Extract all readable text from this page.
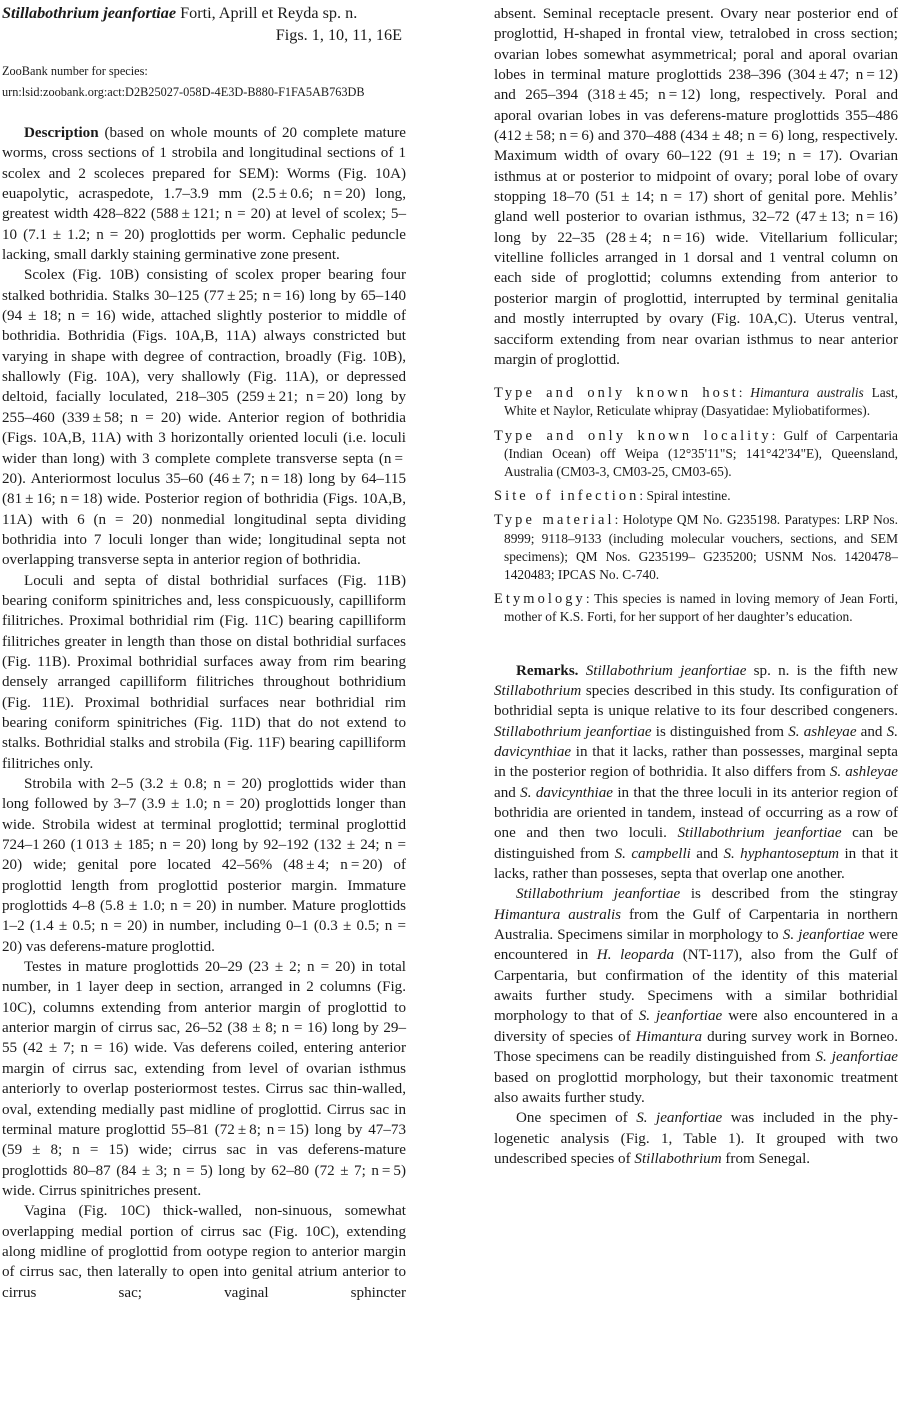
Stillabothrium jeanfortiae Forti, Aprill et Reyda sp. n.
Figs. 1, 10, 11, 16E
ZooBank number for species:
urn:lsid:zoobank.org:act:D2B25027-058D-4E3D-B880-F1FA5AB763DB

Description (based on whole mounts of 20 complete mature worms, cross sections of 1 strobila and longitudinal sections of 1 scolex and 2 scoleces prepared for SEM): Worms (Fig. 10A) euapolytic, acraspedote, 1.7–3.9 mm (2.5 ± 0.6; n = 20) long, greatest width 428–822 (588 ± 121; n = 20) at level of scolex; 5–10 (7.1 ± 1.2; n = 20) proglottids per worm. Cephalic peduncle lacking, small darkly staining germinative zone present.

Scolex (Fig. 10B) consisting of scolex proper bearing four stalked bothridia. Stalks 30–125 (77 ± 25; n = 16) long by 65–140 (94 ± 18; n = 16) wide, attached slightly posterior to middle of bothridia. Bothridia (Figs. 10A,B, 11A) always constricted but varying in shape with degree of contraction, broadly (Fig. 10B), shallowly (Fig. 10A), very shallowly (Fig. 11A), or depressed deltoid, facially loculated, 218–305 (259 ± 21; n = 20) long by 255–460 (339 ± 58; n = 20) wide. Anterior region of bothridia (Figs. 10A,B, 11A) with 3 horizontally oriented loculi (i.e. loculi wider than long) with 3 complete complete transverse septa (n = 20). Anteriormost loculus 35–60 (46 ± 7; n = 18) long by 64–115 (81 ± 16; n = 18) wide. Posterior region of bothridia (Figs. 10A,B, 11A) with 6 (n = 20) nonmedial longitudinal septa dividing bothridia into 7 loculi longer than wide; longitudinal septa not overlapping transverse septa in anterior region of bothridia.

Loculi and septa of distal bothridial surfaces (Fig. 11B) bearing coniform spinitriches and, less conspicuously, capilliform filitriches. Proximal bothridial rim (Fig. 11C) bearing capilliform filitriches greater in length than those on distal bothridial surfaces (Fig. 11B). Proximal bothridial surfaces away from rim bearing densely arranged capilliform filitriches throughout bothridium (Fig. 11E). Proximal bothridial surfaces near bothridial rim bearing coniform spinitriches (Fig. 11D) that do not extend to stalks. Bothridial stalks and strobila (Fig. 11F) bearing capilliform filitriches only.

Strobila with 2–5 (3.2 ± 0.8; n = 20) proglottids wider than long followed by 3–7 (3.9 ± 1.0; n = 20) proglottids longer than wide. Strobila widest at terminal proglottid; terminal proglottid 724–1 260 (1 013 ± 185; n = 20) long by 92–192 (132 ± 24; n = 20) wide; genital pore located 42–56% (48 ± 4; n = 20) of proglottid length from proglottid posterior margin. Immature proglottids 4–8 (5.8 ± 1.0; n = 20) in number. Mature proglottids 1–2 (1.4 ± 0.5; n = 20) in number, including 0–1 (0.3 ± 0.5; n = 20) vas deferens-mature proglottid.

Testes in mature proglottids 20–29 (23 ± 2; n = 20) in total number, in 1 layer deep in section, arranged in 2 columns (Fig. 10C), columns extending from anterior margin of proglottid to anterior margin of cirrus sac, 26–52 (38 ± 8; n = 16) long by 29–55 (42 ± 7; n = 16) wide. Vas deferens coiled, entering anterior margin of cirrus sac, extending from level of ovarian isthmus anteriorly to overlap posteriormost testes. Cirrus sac thin-walled, oval, extending medially past midline of proglottid. Cirrus sac in terminal mature proglottid 55–81 (72 ± 8; n = 15) long by 47–73 (59 ± 8; n = 15) wide; cirrus sac in vas deferens-mature proglottids 80–87 (84 ± 3; n = 5) long by 62–80 (72 ± 7; n = 5) wide. Cirrus spinitriches present.

Vagina (Fig. 10C) thick-walled, non-sinuous, somewhat overlapping medial portion of cirrus sac (Fig. 10C), extending along midline of proglottid from ootype region to anterior margin of cirrus sac, then laterally to open into genital atrium anterior to cirrus sac; vaginal sphincter

absent. Seminal receptacle present. Ovary near posterior end of proglottid, H-shaped in frontal view, tetralobed in cross section; ovarian lobes somewhat asymmetrical; poral and aporal ovarian lobes in terminal mature proglottids 238–396 (304 ± 47; n = 12) and 265–394 (318 ± 45; n = 12) long, respectively. Poral and aporal ovarian lobes in vas deferens-mature proglottids 355–486 (412 ± 58; n = 6) and 370–488 (434 ± 48; n = 6) long, respectively. Maximum width of ovary 60–122 (91 ± 19; n = 17). Ovarian isthmus at or posterior to midpoint of ovary; poral lobe of ovary stopping 18–70 (51 ± 14; n = 17) short of genital pore. Mehlis’ gland well posterior to ovarian isthmus, 32–72 (47 ± 13; n = 16) long by 22–35 (28 ± 4; n = 16) wide. Vitellarium follicular; vitelline follicles arranged in 1 dorsal and 1 ventral column on each side of proglottid; columns extending from anterior to posterior margin of proglottid, interrupted by terminal genitalia and mostly interrupted by ovary (Fig. 10A,C). Uterus ventral, sacciform extending from near ovarian isthmus to near anterior margin of proglottid.

Type and only known host: Himantura australis Last, White et Naylor, Reticulate whipray (Dasyatidae: Myliobatiformes).

Type and only known locality: Gulf of Carpentaria (Indian Ocean) off Weipa (12°35'11"S; 141°42'34"E), Queensland, Australia (CM03-3, CM03-25, CM03-65).

Site of infection: Spiral intestine.

Type material: Holotype QM No. G235198. Paratypes: LRP Nos. 8999; 9118–9133 (including molecular vouchers, sections, and SEM specimens); QM Nos. G235199– G235200; USNM Nos. 1420478–1420483; IPCAS No. C-740.

Etymology: This species is named in loving memory of Jean Forti, mother of K.S. Forti, for her support of her daughter’s education.

Remarks. Stillabothrium jeanfortiae sp. n. is the fifth new Stillabothrium species described in this study. Its configuration of bothridial septa is unique relative to its four described congeners. Stillabothrium jeanfortiae is distinguished from S. ashleyae and S. davicynthiae in that it lacks, rather than possesses, marginal septa in the posterior region of bothridia. It also differs from S. ashleyae and S. davicynthiae in that the three loculi in its anterior region of bothridia are oriented in tandem, instead of occurring as a row of one and then two loculi. Stillabothrium jeanfortiae can be distinguished from S. campbelli and S. hyphantoseptum in that it lacks, rather than posseses, septa that overlap one another.

Stillabothrium jeanfortiae is described from the stingray Himantura australis from the Gulf of Carpentaria in northern Australia. Specimens similar in morphology to S. jeanfortiae were encountered in H. leoparda (NT-117), also from the Gulf of Carpentaria, but confirmation of the identity of this material awaits further study. Specimens with a similar bothridial morphology to that of S. jeanfortiae were also encountered in a diversity of species of Himantura during survey work in Borneo. Those specimens can be readily distinguished from S. jeanfortiae based on proglottid morphology, but their taxonomic treatment also awaits further study.

One specimen of S. jeanfortiae was included in the phylogenetic analysis (Fig. 1, Table 1). It grouped with two undescribed species of Stillabothrium from Senegal.
